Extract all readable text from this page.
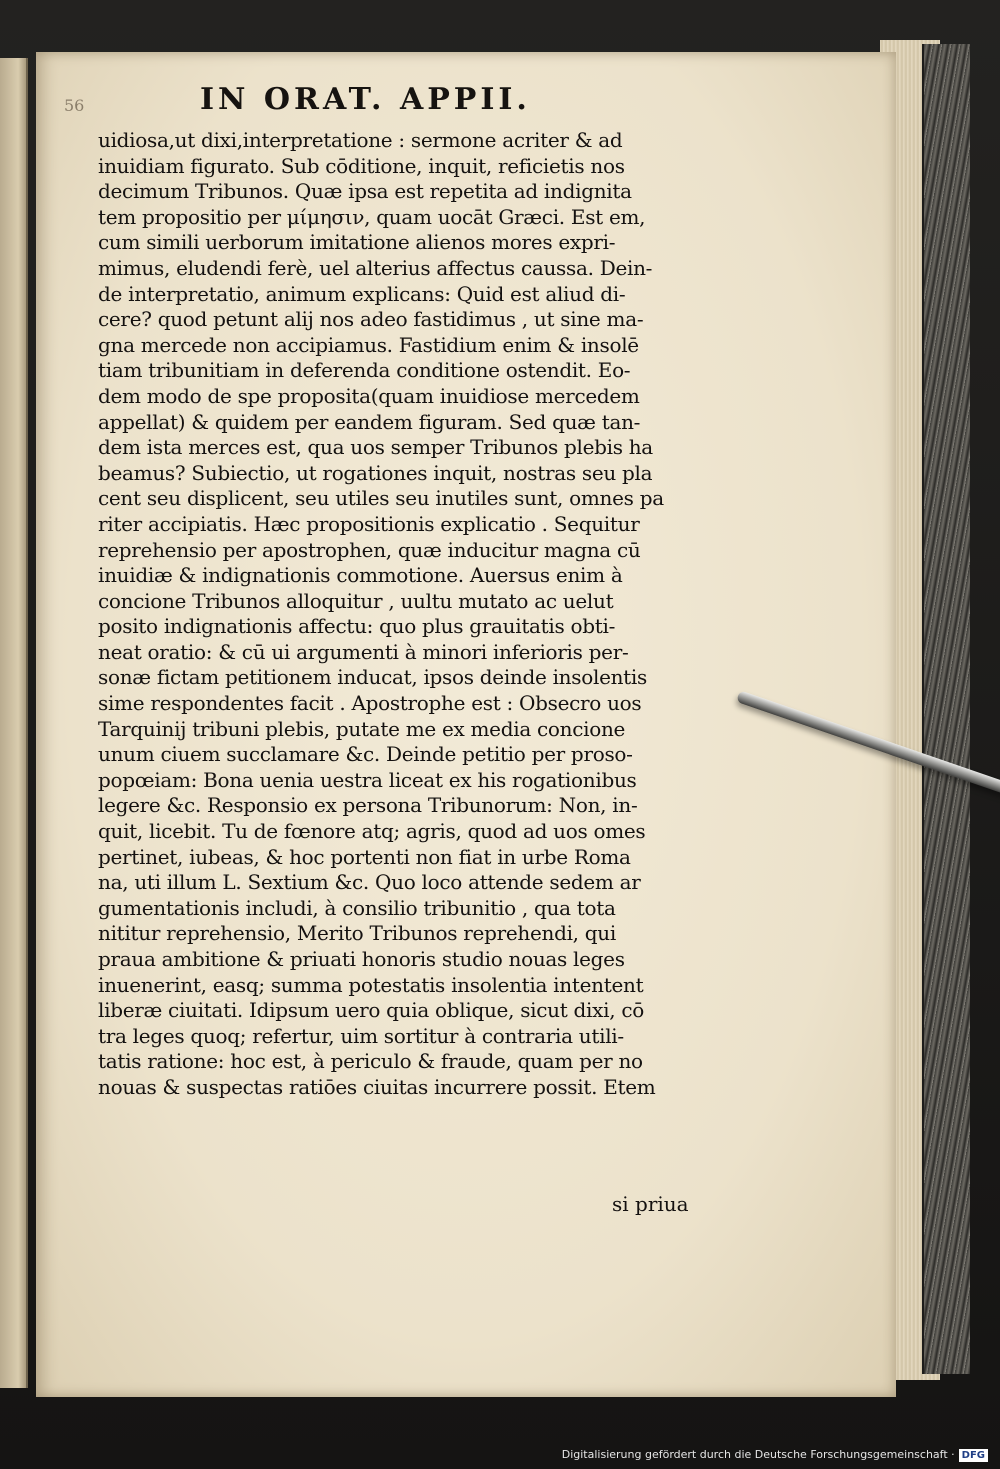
56	IN ORAT. APPII.
uidiosa,ut dixi,interpretatione : sermone acriter & ad
inuidiam figurato. Sub cōditione, inquit, reficietis nos
decimum Tribunos. Quæ ipsa est repetita ad indignita
tem propositio per μίμησιν, quam uocāt Græci. Est em,
cum simili uerborum imitatione alienos mores expri-
mimus, eludendi ferè, uel alterius affectus caussa. Dein-
de interpretatio, animum explicans: Quid est aliud di-
cere? quod petunt alij nos adeo fastidimus , ut sine ma-
gna mercede non accipiamus. Fastidium enim & insolē
tiam tribunitiam in deferenda conditione ostendit. Eo-
dem modo de spe proposita(quam inuidiose mercedem
appellat) & quidem per eandem figuram. Sed quæ tan-
dem ista merces est, qua uos semper Tribunos plebis ha
beamus? Subiectio, ut rogationes inquit, nostras seu pla
cent seu displicent, seu utiles seu inutiles sunt, omnes pa
riter accipiatis. Hæc propositionis explicatio . Sequitur
reprehensio per apostrophen, quæ inducitur magna cū
inuidiæ & indignationis commotione. Auersus enim à
concione Tribunos alloquitur , uultu mutato ac uelut
posito indignationis affectu: quo plus grauitatis obti-
neat oratio: & cū ui argumenti à minori inferioris per-
sonæ fictam petitionem inducat, ipsos deinde insolentis
sime respondentes facit . Apostrophe est : Obsecro uos
Tarquinij tribuni plebis, putate me ex media concione
unum ciuem succlamare &c. Deinde petitio per proso-
popœiam: Bona uenia uestra liceat ex his rogationibus
legere &c. Responsio ex persona Tribunorum: Non, in-
quit, licebit. Tu de fœnore atq; agris, quod ad uos omes
pertinet, iubeas, & hoc portenti non fiat in urbe Roma
na, uti illum L. Sextium &c. Quo loco attende sedem ar
gumentationis includi, à consilio tribunitio , qua tota
nititur reprehensio, Merito Tribunos reprehendi, qui
praua ambitione & priuati honoris studio nouas leges
inuenerint, easq; summa potestatis insolentia intentent
liberæ ciuitati. Idipsum uero quia oblique, sicut dixi, cō
tra leges quoq; refertur, uim sortitur à contraria utili-
tatis ratione: hoc est, à periculo & fraude, quam per no
nouas & suspectas ratiōes ciuitas incurrere possit. Etem
si priua
Digitalisierung gefördert durch die Deutsche Forschungsgemeinschaft · DFG
